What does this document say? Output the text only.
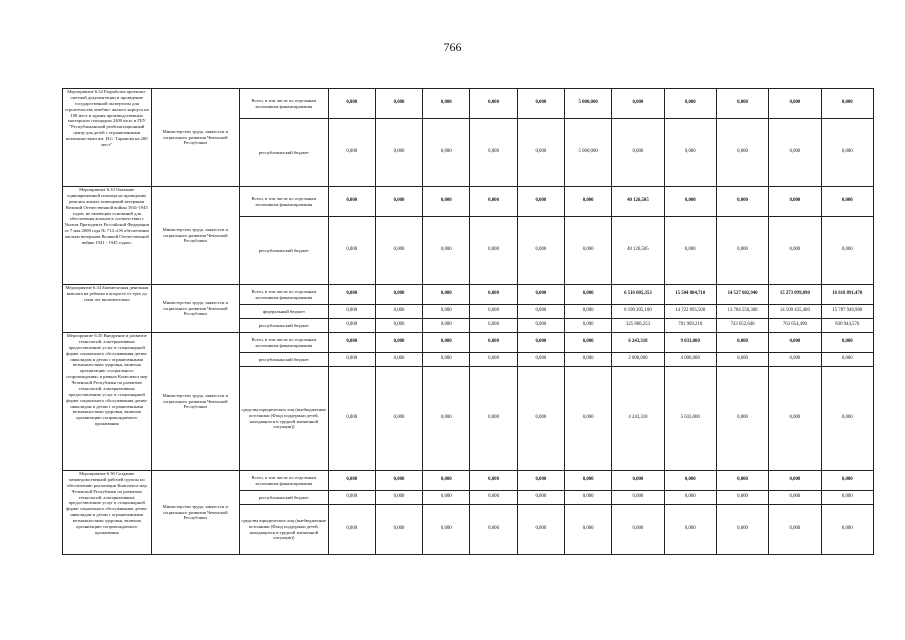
766
Мероприятие 6.32 Разработка проектно-сметной документации и проведение государственной экспертизы для строительства лечебно- жилого корпуса на 108 мест и здания производственных мастерских площадью 2400 кв.м. в ГБУ "Республиканский реабилитационный центр для детей с ограниченными возможностями им. И.С. Тарамова на 200 мест"	Министерство труда, занятости и социального развития Чеченской Республики	Всего, в том числе по отдельным источникам финансирования	0,000	0,000	0,000	0,000	0,000	5 000,000	0,000	0,000	0,000	0,000	0,000
		республиканский бюджет	0,000	0,000	0,000	0,000	0,000	5 000,000	0,000	0,000	0,000	0,000	0,000
Мероприятие 6.33 Оказание единовременной помощи на проведение ремонта жилых помещений ветеранам Великой Отечественной войны 1941-1945 годов, не имеющим оснований для обеспечения жильем в соответствии с Указом Президента Российской Федерации от 7 мая 2008 года № 714 «Об обеспечении жильем ветеранов Великой Отечественной войны 1941 - 1945 годов»	Министерство труда, занятости и социального развития Чеченской Республики	Всего, в том числе по отдельным источникам финансирования	0,000	0,000	0,000	0,000	0,000	0,000	40 126,505	0,000	0,000	0,000	0,000
		республиканский бюджет	0,000	0,000	0,000	0,000	0,000	0,000	40 126,505	0,000	0,000	0,000	0,000
Мероприятие 6.34 Ежемесячная денежная выплата на ребенка в возрасте от трех до семи лет включительно	Министерство труда, занятости и социального развития Чеченской Республики	Всего, в том числе по отдельным источникам финансирования	0,000	0,000	0,000	0,000	0,000	0,000	6 516 005,353	15 504 804,710	14 527 602,940	15 273 099,890	16 618 891,470
		федеральный бюджет	0,000	0,000	0,000	0,000	0,000	0,000	6 190 205,100	14 722 895,500	13 784 550,300	14 509 435,400	15 787 946,900
		республиканский бюджет	0,000	0,000	0,000	0,000	0,000	0,000	325 800,253	781 909,210	743 052,640	763 654,490	830 944,570
Мероприятие 6.35 Внедрение и развитие технологий, альтернативных предоставлению услуг в стационарной форме социального обслуживания детям-инвалидам и детям с ограниченными возможностями здоровья, включая организацию «социального сопровождения» в рамках Комплекса мер Чеченской Республики по развитию технологий, альтернативных предоставлению услуг в стационарной форме социального обслуживания детям-инвалидам и детям с ограниченными возможностями здоровья, включая организацию сопровождаемого проживания	Министерство труда, занятости и социального развития Чеченской Республики	Всего, в том числе по отдельным источникам финансирования	0,000	0,000	0,000	0,000	0,000	0,000	6 243,318	9 033,000	0,000	0,000	0,000
		республиканский бюджет	0,000	0,000	0,000	0,000	0,000	0,000	2 000,000	4 000,000	0,000	0,000	0,000
		средства юридических лиц (внебюджетные источники (Фонд поддержки детей, находящихся в трудной жизненной ситуации))	0,000	0,000	0,000	0,000	0,000	0,000	4 243,318	5 033,000	0,000	0,000	0,000
Мероприятие 6.36 Создание межведомственной рабочей группы по обеспечению реализации Комплекса мер Чеченской Республики по развитию технологий, альтернативных предоставлению услуг в стационарной форме социального обслуживания детям-инвалидам и детям с ограниченными возможностями здоровья, включая организацию сопровождаемого проживания	Министерство труда, занятости и социального развития Чеченской Республики	Всего, в том числе по отдельным источникам финансирования	0,000	0,000	0,000	0,000	0,000	0,000	0,000	0,000	0,000	0,000	0,000
		республиканский бюджет	0,000	0,000	0,000	0,000	0,000	0,000	0,000	0,000	0,000	0,000	0,000
		средства юридических лиц (внебюджетные источники (Фонд поддержки детей, находящихся в трудной жизненной ситуации))	0,000	0,000	0,000	0,000	0,000	0,000	0,000	0,000	0,000	0,000	0,000
